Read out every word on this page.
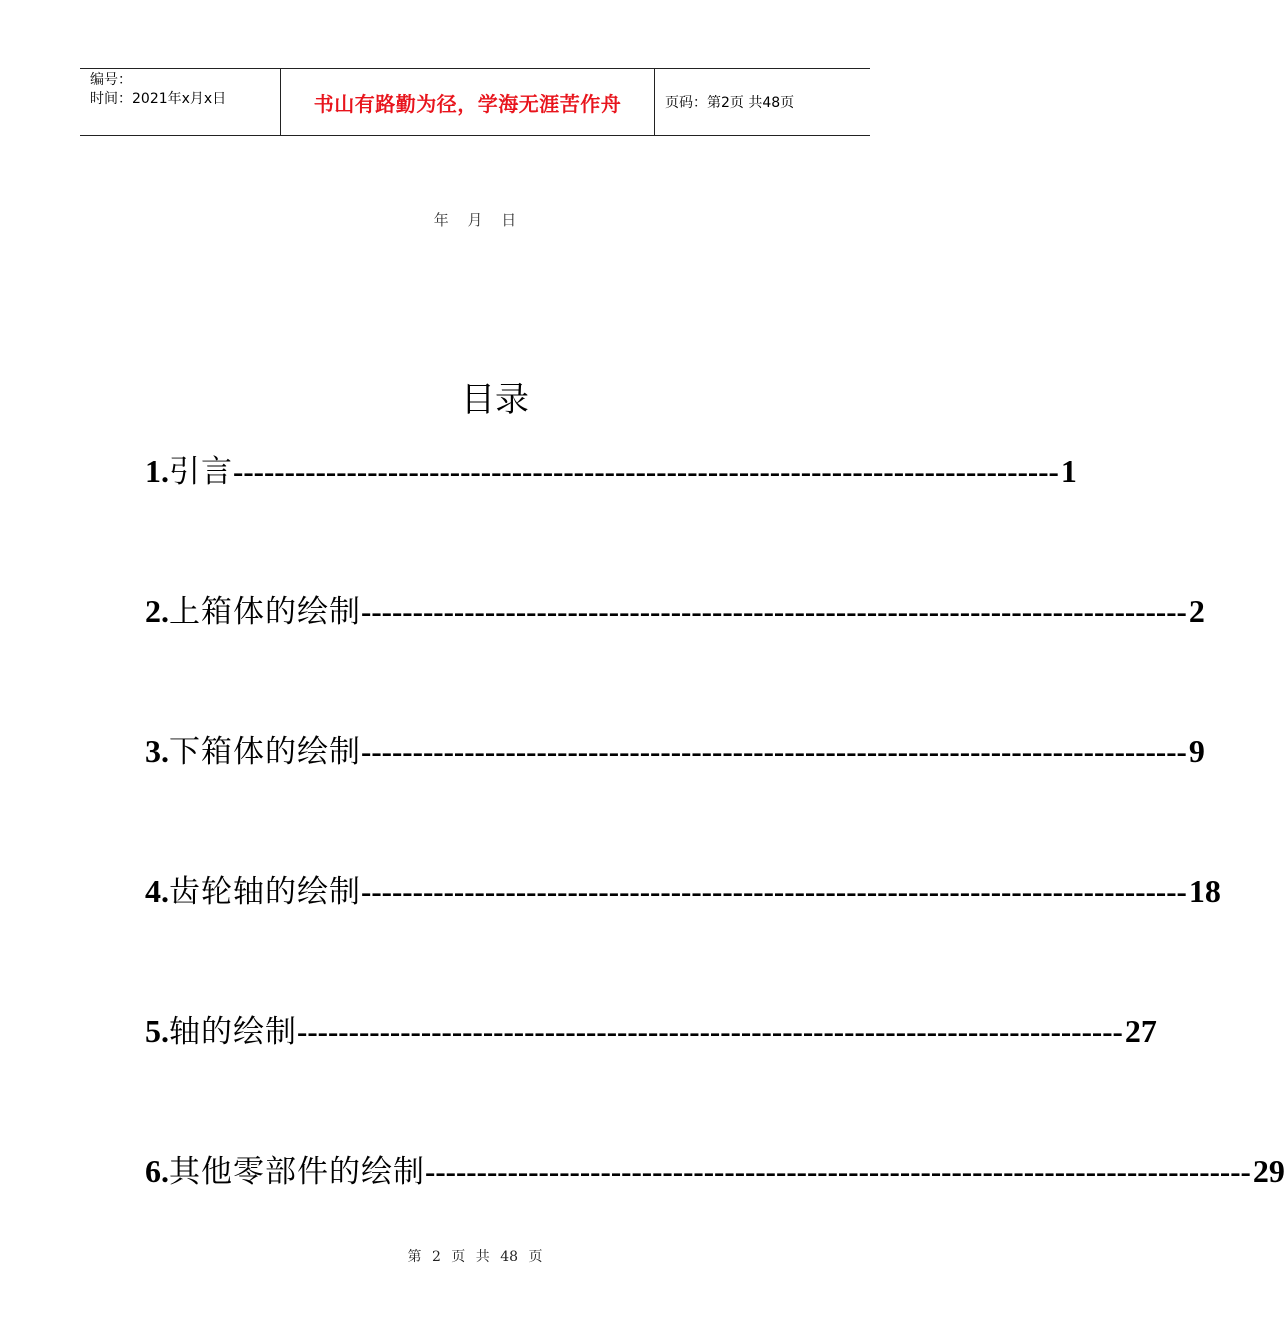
编号：
时间：2021年x月x日	书山有路勤为径，学海无涯苦作舟	页码：第2页 共48页
年 月 日
目录
1. 引言 -------------------------------------------------------------------------------- 1
2. 上箱体的绘制 -------------------------------------------------------------------------------- 2
3. 下箱体的绘制 -------------------------------------------------------------------------------- 9
4. 齿轮轴的绘制 -------------------------------------------------------------------------------- 18
5. 轴的绘制 -------------------------------------------------------------------------------- 27
6. 其他零部件的绘制 -------------------------------------------------------------------------------- 29
第 2 页 共 48 页
